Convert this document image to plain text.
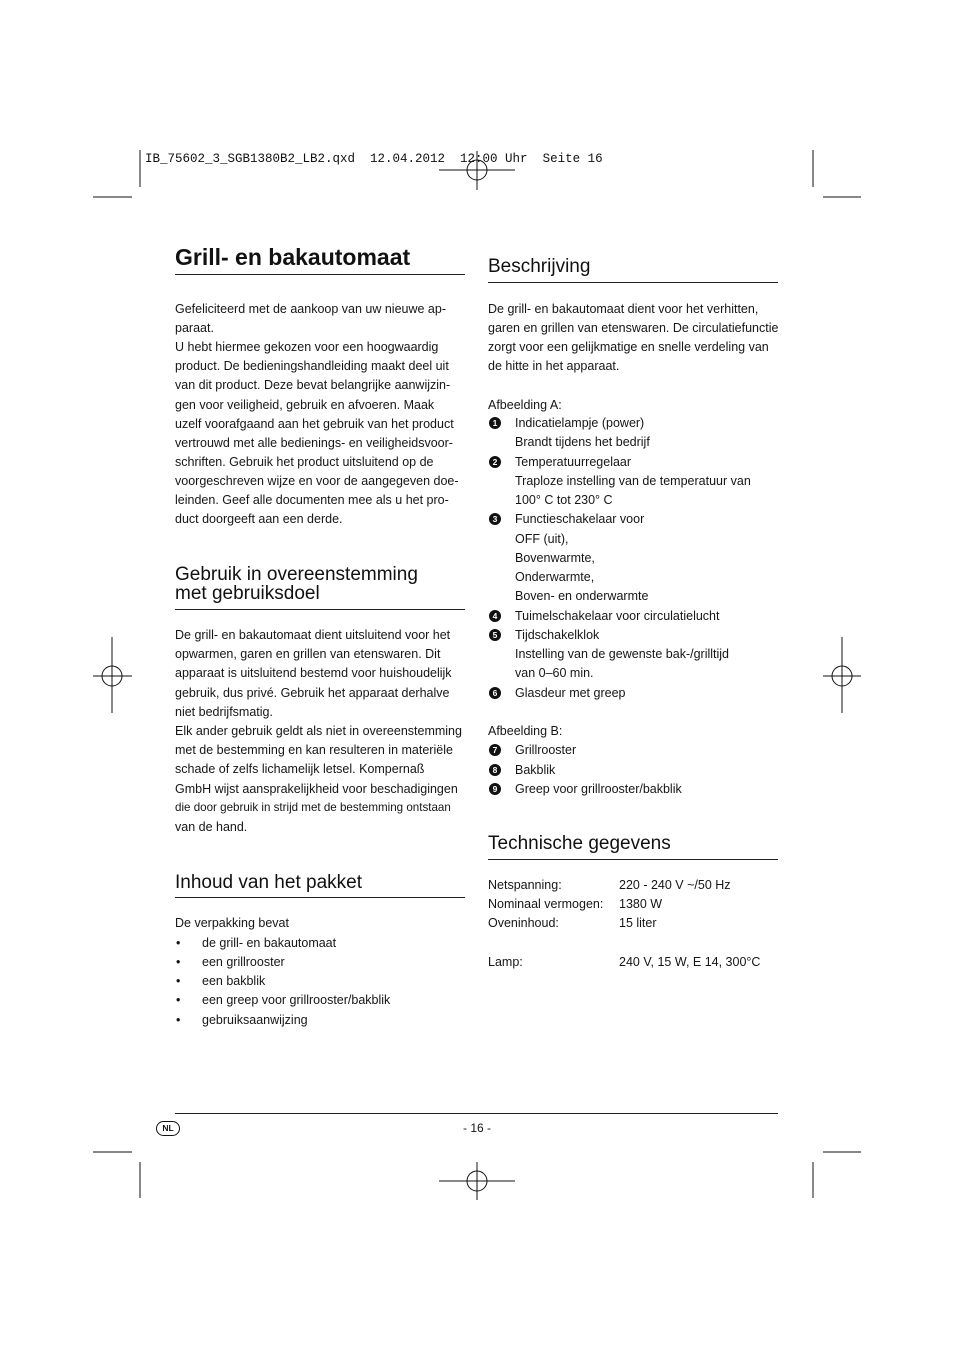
IB_75602_3_SGB1380B2_LB2.qxd  12.04.2012  12:00 Uhr  Seite 16
Grill- en bakautomaat
Gefeliciteerd met de aankoop van uw nieuwe ap-
paraat.
U hebt hiermee gekozen voor een hoogwaardig
product. De bedieningshandleiding maakt deel uit
van dit product. Deze bevat belangrijke aanwijzin-
gen voor veiligheid, gebruik en afvoeren. Maak
uzelf voorafgaand aan het gebruik van het product
vertrouwd met alle bedienings- en veiligheidsvoor-
schriften. Gebruik het product uitsluitend op de
voorgeschreven wijze en voor de aangegeven doe-
leinden. Geef alle documenten mee als u het pro-
duct doorgeeft aan een derde.
Gebruik in overeenstemming
met gebruiksdoel
De grill- en bakautomaat dient uitsluitend voor het
opwarmen, garen en grillen van etenswaren. Dit
apparaat is uitsluitend bestemd voor huishoudelijk
gebruik, dus privé. Gebruik het apparaat derhalve
niet bedrijfsmatig.
Elk ander gebruik geldt als niet in overeenstemming
met de bestemming en kan resulteren in materiële
schade of zelfs lichamelijk letsel. Kompernaß
GmbH wijst aansprakelijkheid voor beschadigingen
die door gebruik in strijd met de bestemming ontstaan
van de hand.
Inhoud van het pakket
De verpakking bevat
• de grill- en bakautomaat
• een grillrooster
• een bakblik
• een greep voor grillrooster/bakblik
• gebruiksaanwijzing
Beschrijving
De grill- en bakautomaat dient voor het verhitten,
garen en grillen van etenswaren. De circulatiefunctie
zorgt voor een gelijkmatige en snelle verdeling van
de hitte in het apparaat.
Afbeelding A:
1 Indicatielampje (power)
Brandt tijdens het bedrijf
2 Temperatuurregelaar
Traploze instelling van de temperatuur van
100° C tot 230° C
3 Functieschakelaar voor
OFF (uit),
Bovenwarmte,
Onderwarmte,
Boven- en onderwarmte
4 Tuimelschakelaar voor circulatielucht
5 Tijdschakelklok
Instelling van de gewenste bak-/grilltijd
van 0–60 min.
6 Glasdeur met greep
Afbeelding B:
7 Grillrooster
8 Bakblik
9 Greep voor grillrooster/bakblik
Technische gegevens
Netspanning:	220 - 240 V ~/50 Hz
Nominaal vermogen: 1380 W
Oveninhoud:	15 liter
Lamp:	240 V, 15 W, E 14, 300°C
NL	- 16 -
